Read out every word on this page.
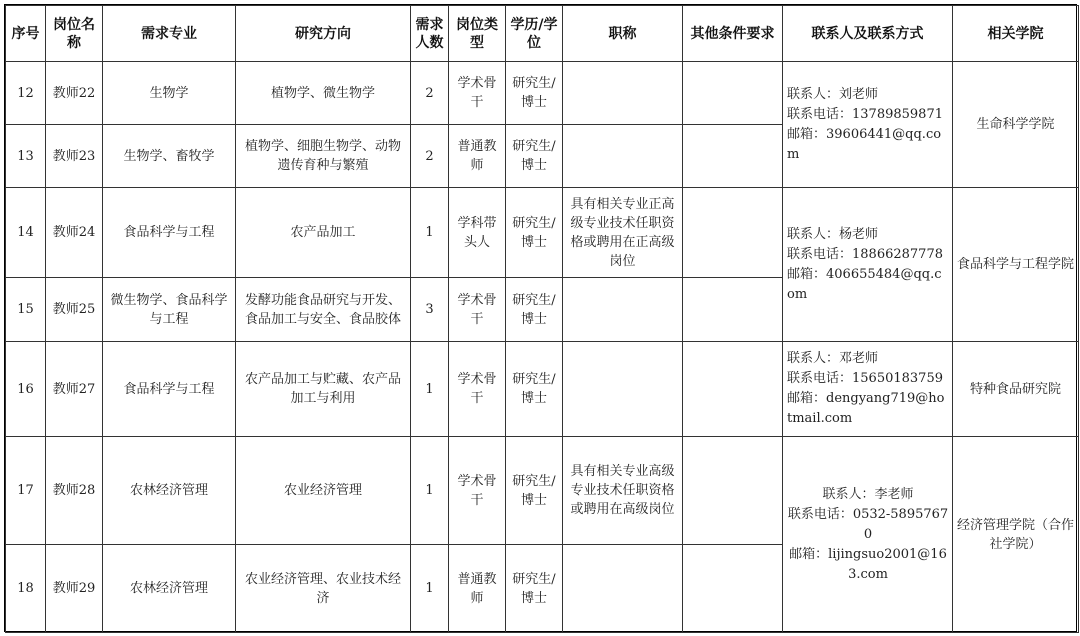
序号	岗位名称	需求专业	研究方向	需求人数	岗位类型	学历/学位	职称	其他条件要求	联系人及联系方式	相关学院
12	教师22	生物学	植物学、微生物学	2	学术骨干	研究生/博士			联系人：刘老师
联系电话：13789859871
邮箱：39606441@qq.com	生命科学学院
13	教师23	生物学、畜牧学	植物学、细胞生物学、动物遗传育种与繁殖	2	普通教师	研究生/博士				
14	教师24	食品科学与工程	农产品加工	1	学科带头人	研究生/博士	具有相关专业正高级专业技术任职资格或聘用在正高级岗位		联系人：杨老师
联系电话：18866287778
邮箱：406655484@qq.com	食品科学与工程学院
15	教师25	微生物学、食品科学与工程	发酵功能食品研究与开发、食品加工与安全、食品胶体	3	学术骨干	研究生/博士				
16	教师27	食品科学与工程	农产品加工与贮藏、农产品加工与利用	1	学术骨干	研究生/博士			联系人：邓老师
联系电话：15650183759
邮箱：dengyang719@hotmail.com	特种食品研究院
17	教师28	农林经济管理	农业经济管理	1	学术骨干	研究生/博士	具有相关专业高级专业技术任职资格或聘用在高级岗位		联系人：李老师
联系电话：0532-58957670
邮箱：lijingsuo2001@163.com	经济管理学院（合作社学院）
18	教师29	农林经济管理	农业经济管理、农业技术经济	1	普通教师	研究生/博士				
